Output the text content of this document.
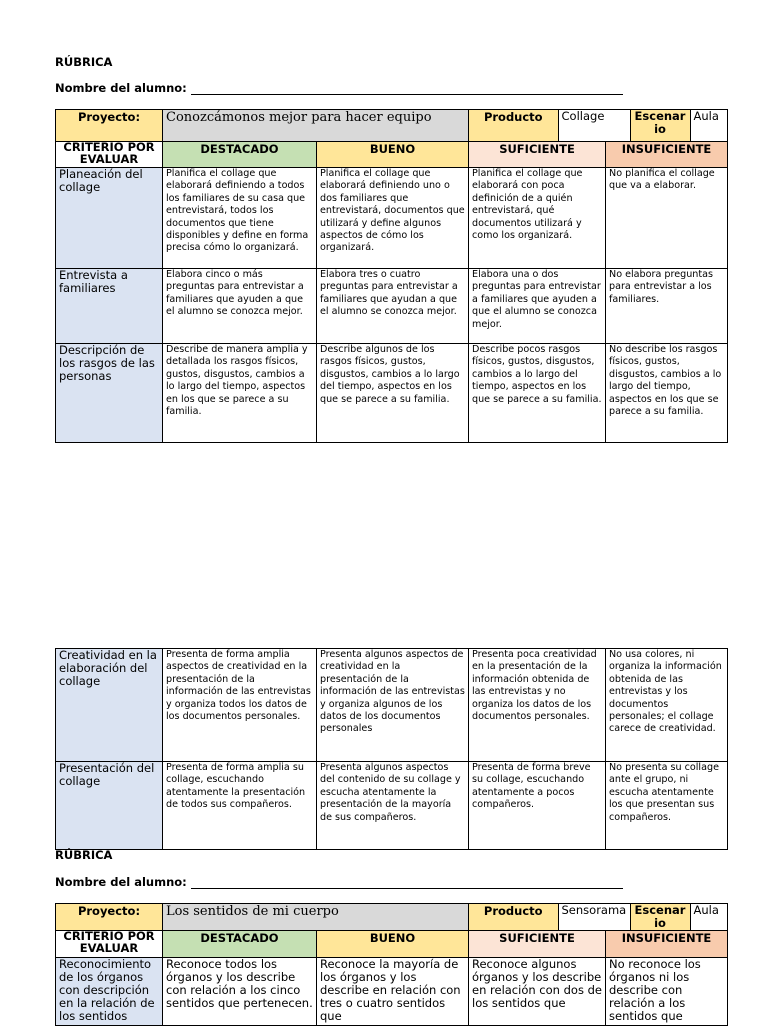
RÚBRICA
Nombre del alumno:
Proyecto:	Conozcámonos mejor para hacer equipo		Producto	Collage	Escenario	Aula

CRITERIO POR EVALUAR	DESTACADO	BUENO	SUFICIENTE	INSUFICIENTE
Planeación del collage	Planifica el collage que elaborará definiendo a todos los familiares de su casa que entrevistará, todos los documentos que tiene disponibles y define en forma precisa cómo lo organizará.	Planifica el collage que elaborará definiendo uno o dos familiares que entrevistará, documentos que utilizará y define algunos aspectos de cómo los organizará.	Planifica el collage que elaborará con poca definición de a quién entrevistará, qué documentos utilizará y como los organizará.	No planifica el collage que va a elaborar.
Entrevista a familiares	Elabora cinco o más preguntas para entrevistar a familiares que ayuden a que el alumno se conozca mejor.	Elabora tres o cuatro preguntas para entrevistar a familiares que ayudan a que el alumno se conozca mejor.	Elabora una o dos preguntas para entrevistar a familiares que ayuden a que el alumno se conozca mejor.	No elabora preguntas para entrevistar a los familiares.
Descripción de los rasgos de las personas	Describe de manera amplia y detallada los rasgos físicos, gustos, disgustos, cambios a lo largo del tiempo, aspectos en los que se parece a su familia.	Describe algunos de los rasgos físicos, gustos, disgustos, cambios a lo largo del tiempo, aspectos en los que se parece a su familia.	Describe pocos rasgos físicos, gustos, disgustos, cambios a lo largo del tiempo, aspectos en los que se parece a su familia.	No describe los rasgos físicos, gustos, disgustos, cambios a lo largo del tiempo, aspectos en los que se parece a su familia.
Creatividad en la elaboración del collage	Presenta de forma amplia aspectos de creatividad en la presentación de la información de las entrevistas y organiza todos los datos de los documentos personales.	Presenta algunos aspectos de creatividad en la presentación de la información de las entrevistas y organiza algunos de los datos de los documentos personales	Presenta poca creatividad en la presentación de la información obtenida de las entrevistas y no organiza los datos de los documentos personales.	No usa colores, ni organiza la información obtenida de las entrevistas y los documentos personales; el collage carece de creatividad.
Presentación del collage	Presenta de forma amplia su collage, escuchando atentamente la presentación de todos sus compañeros.	Presenta algunos aspectos del contenido de su collage y escucha atentamente la presentación de la mayoría de sus compañeros.	Presenta de forma breve su collage, escuchando atentamente a pocos compañeros.	No presenta su collage ante el grupo, ni escucha atentamente los que presentan sus compañeros.
RÚBRICA
Nombre del alumno:
Proyecto:	Los sentidos de mi cuerpo		Producto	Sensorama	Escenario	Aula

CRITERIO POR EVALUAR	DESTACADO	BUENO	SUFICIENTE	INSUFICIENTE
Reconocimiento de los órganos con descripción en la relación de los sentidos	Reconoce todos los órganos y los describe con relación a los cinco sentidos que pertenecen.	Reconoce la mayoría de los órganos y los describe en relación con tres o cuatro sentidos que	Reconoce algunos órganos y los describe en relación con dos de los sentidos que	No reconoce los órganos ni los describe con relación a los sentidos que
